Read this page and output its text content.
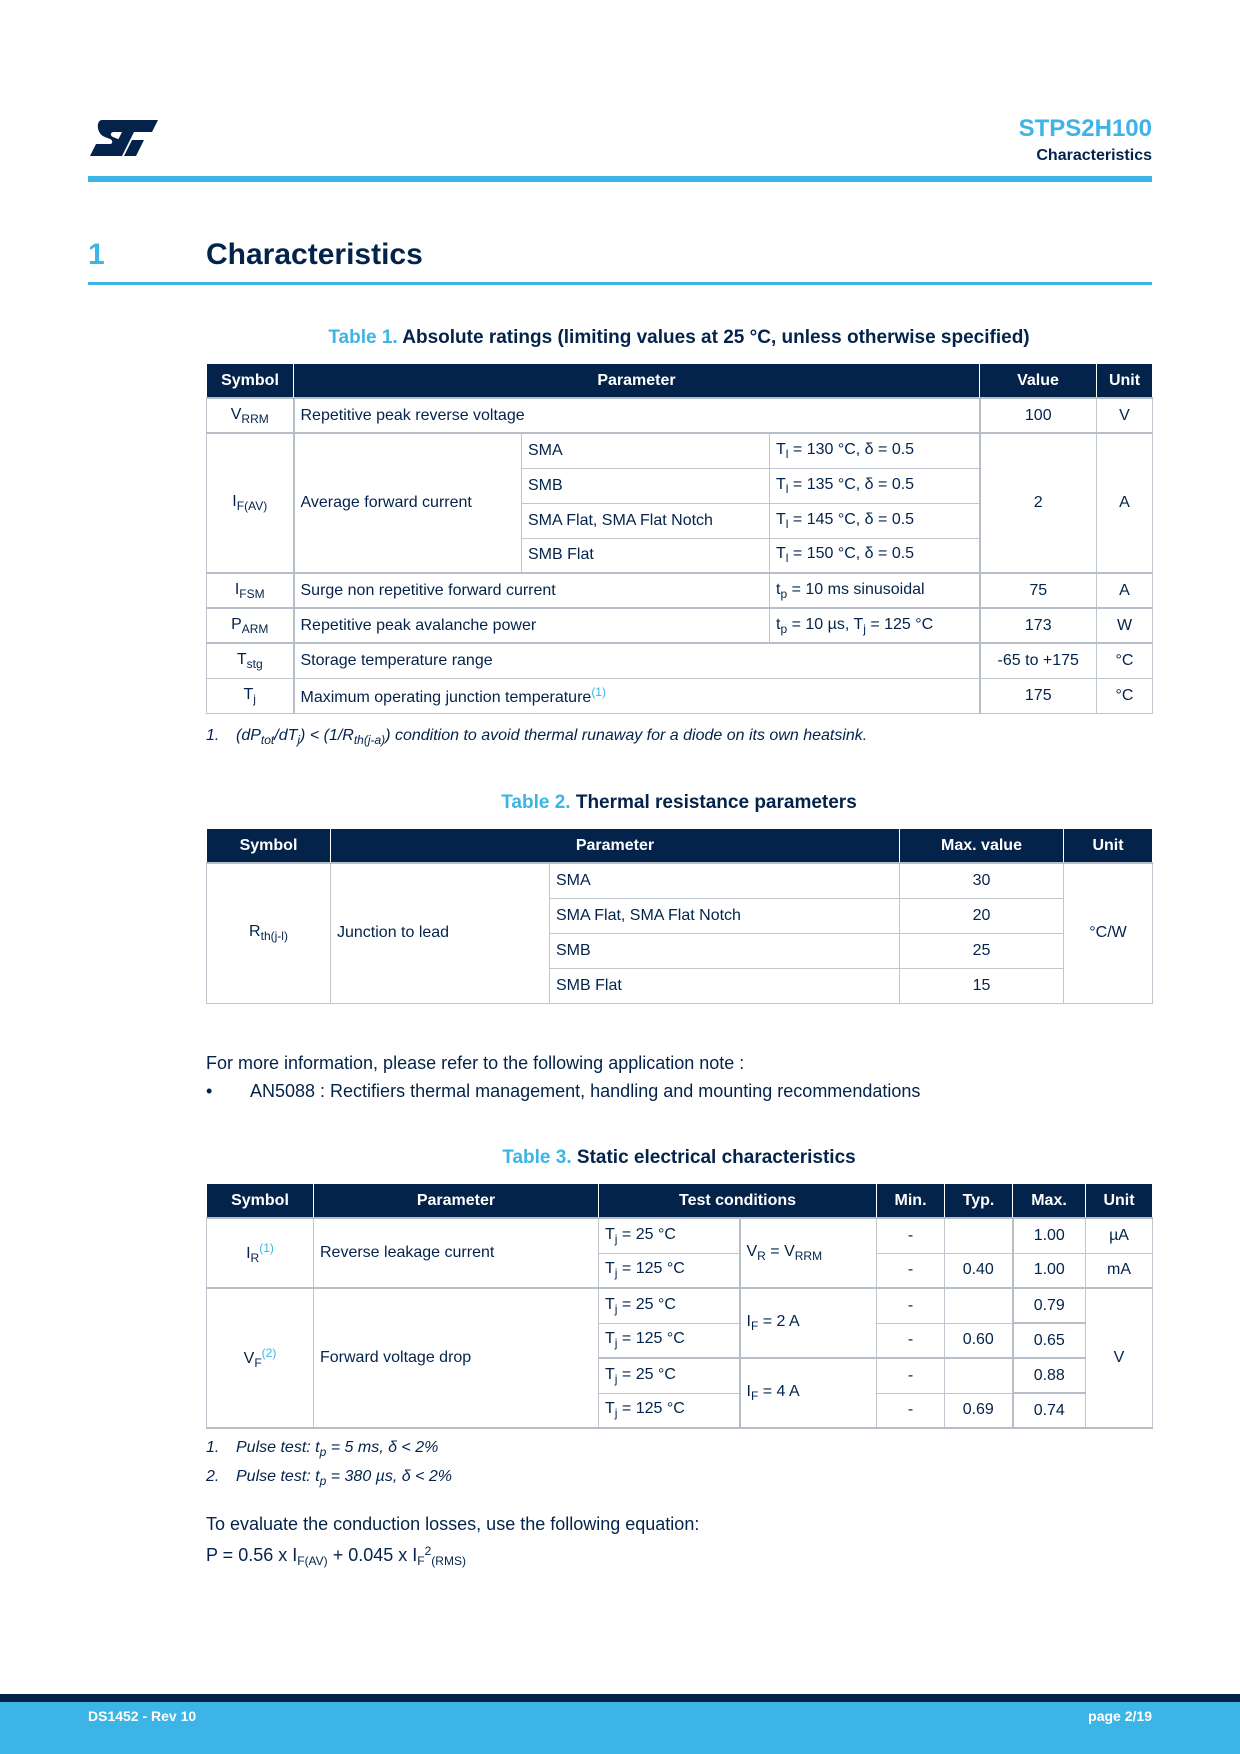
STPS2H100
Characteristics
1	Characteristics
Table 1. Absolute ratings (limiting values at 25 °C, unless otherwise specified)
Symbol	Parameter			Value	Unit
$V_{RRM}$	Repetitive peak reverse voltage			100	V
$I_{F(AV)}$	Average forward current	SMA	$T_l = 130$ °C, δ = 0.5	2	A
		SMB	$T_l = 135$ °C, δ = 0.5		
		SMA Flat, SMA Flat Notch	$T_l = 145$ °C, δ = 0.5		
		SMB Flat	$T_l = 150$ °C, δ = 0.5		
$I_{FSM}$	Surge non repetitive forward current		$t_p = 10$ ms sinusoidal	75	A
$P_{ARM}$	Repetitive peak avalanche power		$t_p = 10$ µs, $T_j = 125$ °C	173	W
$T_{stg}$	Storage temperature range			-65 to +175	°C
$T_j$	Maximum operating junction temperature$^{(1)}$			175	°C
1. $(dP_{tot}/dT_j) < (1/R_{th(j-a)})$ condition to avoid thermal runaway for a diode on its own heatsink.
Table 2. Thermal resistance parameters
Symbol	Parameter		Max. value	Unit
$R_{th(j-l)}$	Junction to lead	SMA	30	°C/W
		SMA Flat, SMA Flat Notch	20	
		SMB	25	
		SMB Flat	15	
For more information, please refer to the following application note :
• AN5088 : Rectifiers thermal management, handling and mounting recommendations
Table 3. Static electrical characteristics
Symbol	Parameter	Test conditions		Min.	Typ.	Max.	Unit
$I_R^{(1)}$	Reverse leakage current	$T_j = 25$ °C	$V_R = V_{RRM}$	-		1.00	µA
		$T_j = 125$ °C		-	0.40	1.00	mA
$V_F^{(2)}$	Forward voltage drop	$T_j = 25$ °C	$I_F = 2$ A	-		0.79	V
		$T_j = 125$ °C		-	0.60	0.65	
		$T_j = 25$ °C	$I_F = 4$ A	-		0.88	
		$T_j = 125$ °C		-	0.69	0.74	
1. Pulse test: $t_p = 5$ ms, δ < 2%
2. Pulse test: $t_p = 380$ µs, δ < 2%
To evaluate the conduction losses, use the following equation:
P = 0.56 x $I_{F(AV)} + 0.045$ x $I_F^2_{(RMS)}$
DS1452 - Rev 10	page 2/19
